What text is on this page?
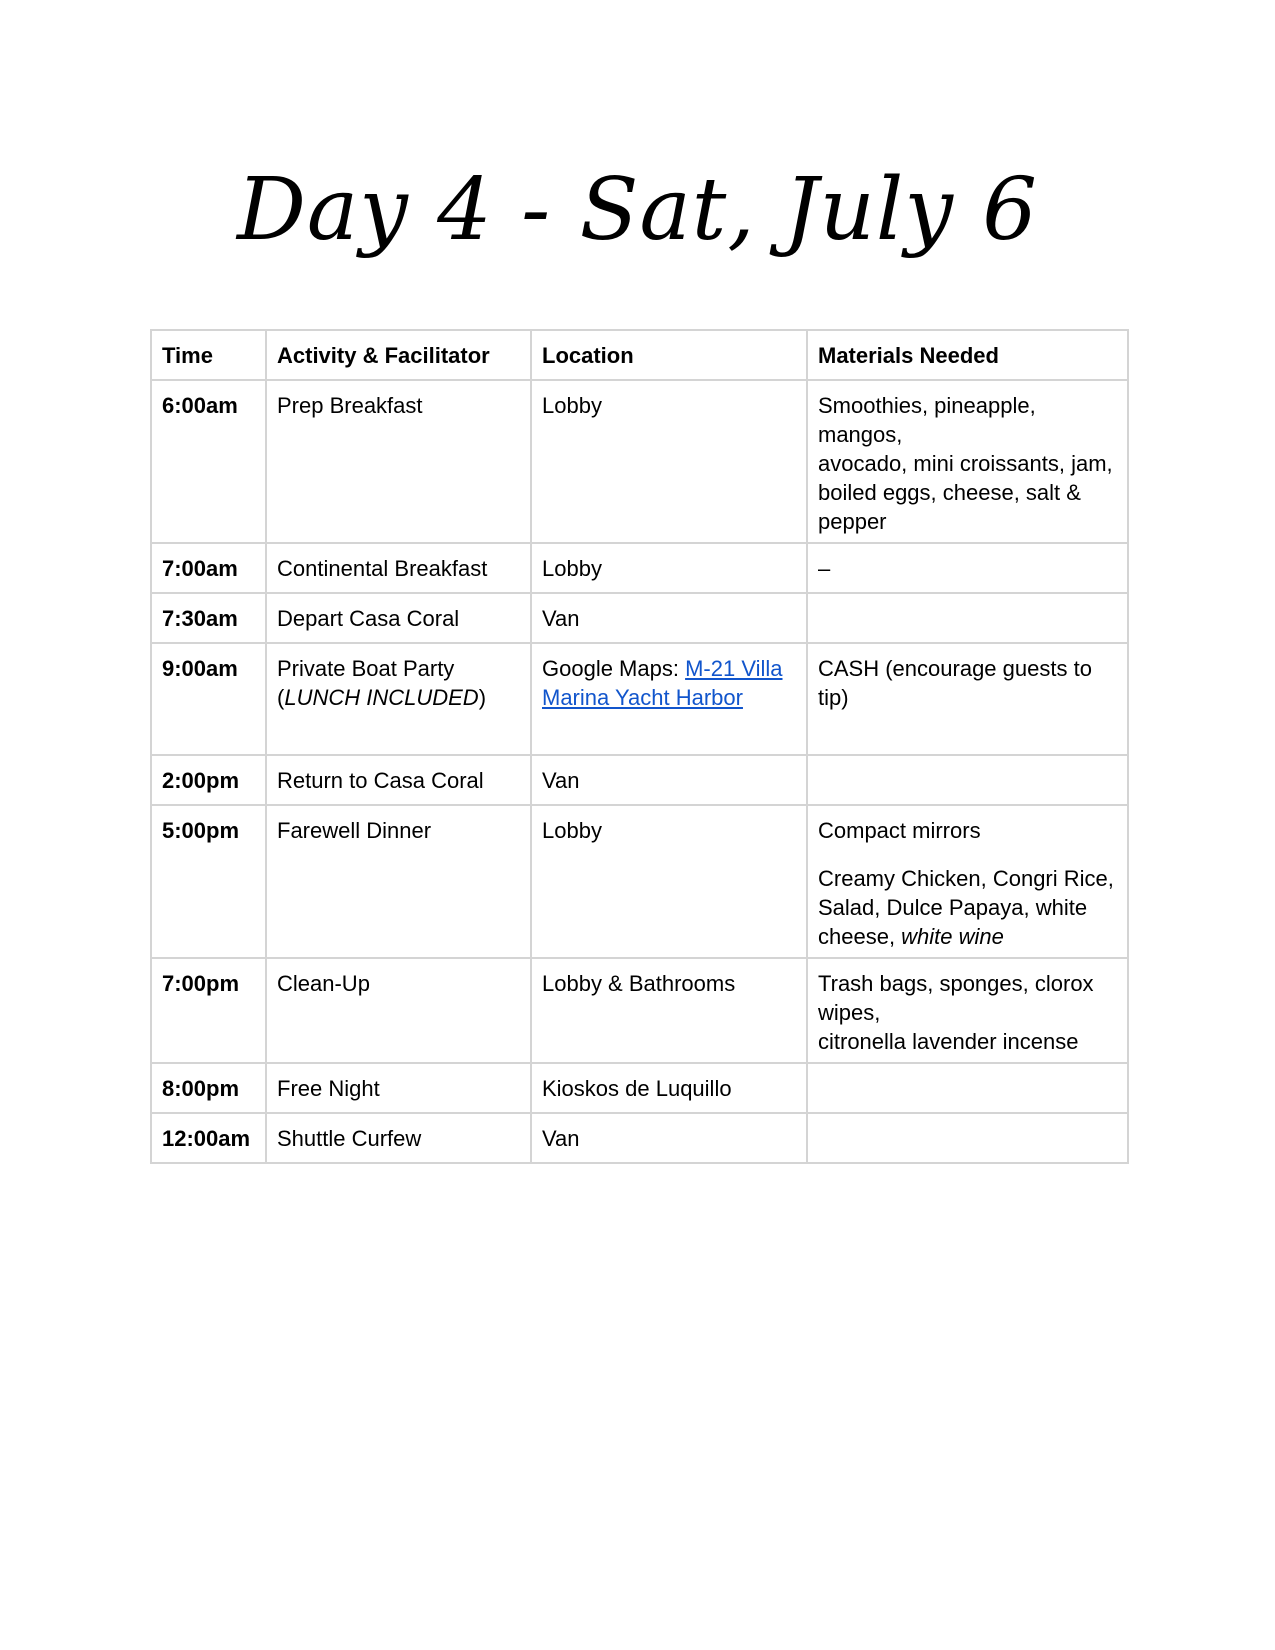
Day 4 - Sat, July 6
Time	Activity & Facilitator	Location	Materials Needed
6:00am	Prep Breakfast	Lobby	Smoothies, pineapple, mangos,
avocado, mini croissants, jam,
boiled eggs, cheese, salt & pepper

7:00am	Continental Breakfast	Lobby	–

7:30am	Depart Casa Coral	Van	
9:00am	Private Boat Party
(LUNCH INCLUDED)	Google Maps: M-21 Villa Marina Yacht Harbor	CASH (encourage guests to tip)

2:00pm	Return to Casa Coral	Van	
5:00pm	Farewell Dinner	Lobby	Compact mirrors
Creamy Chicken, Congri Rice,
Salad, Dulce Papaya, white
cheese, white wine

7:00pm	Clean-Up	Lobby & Bathrooms	Trash bags, sponges, clorox wipes,
citronella lavender incense

8:00pm	Free Night	Kioskos de Luquillo	
12:00am	Shuttle Curfew	Van	
